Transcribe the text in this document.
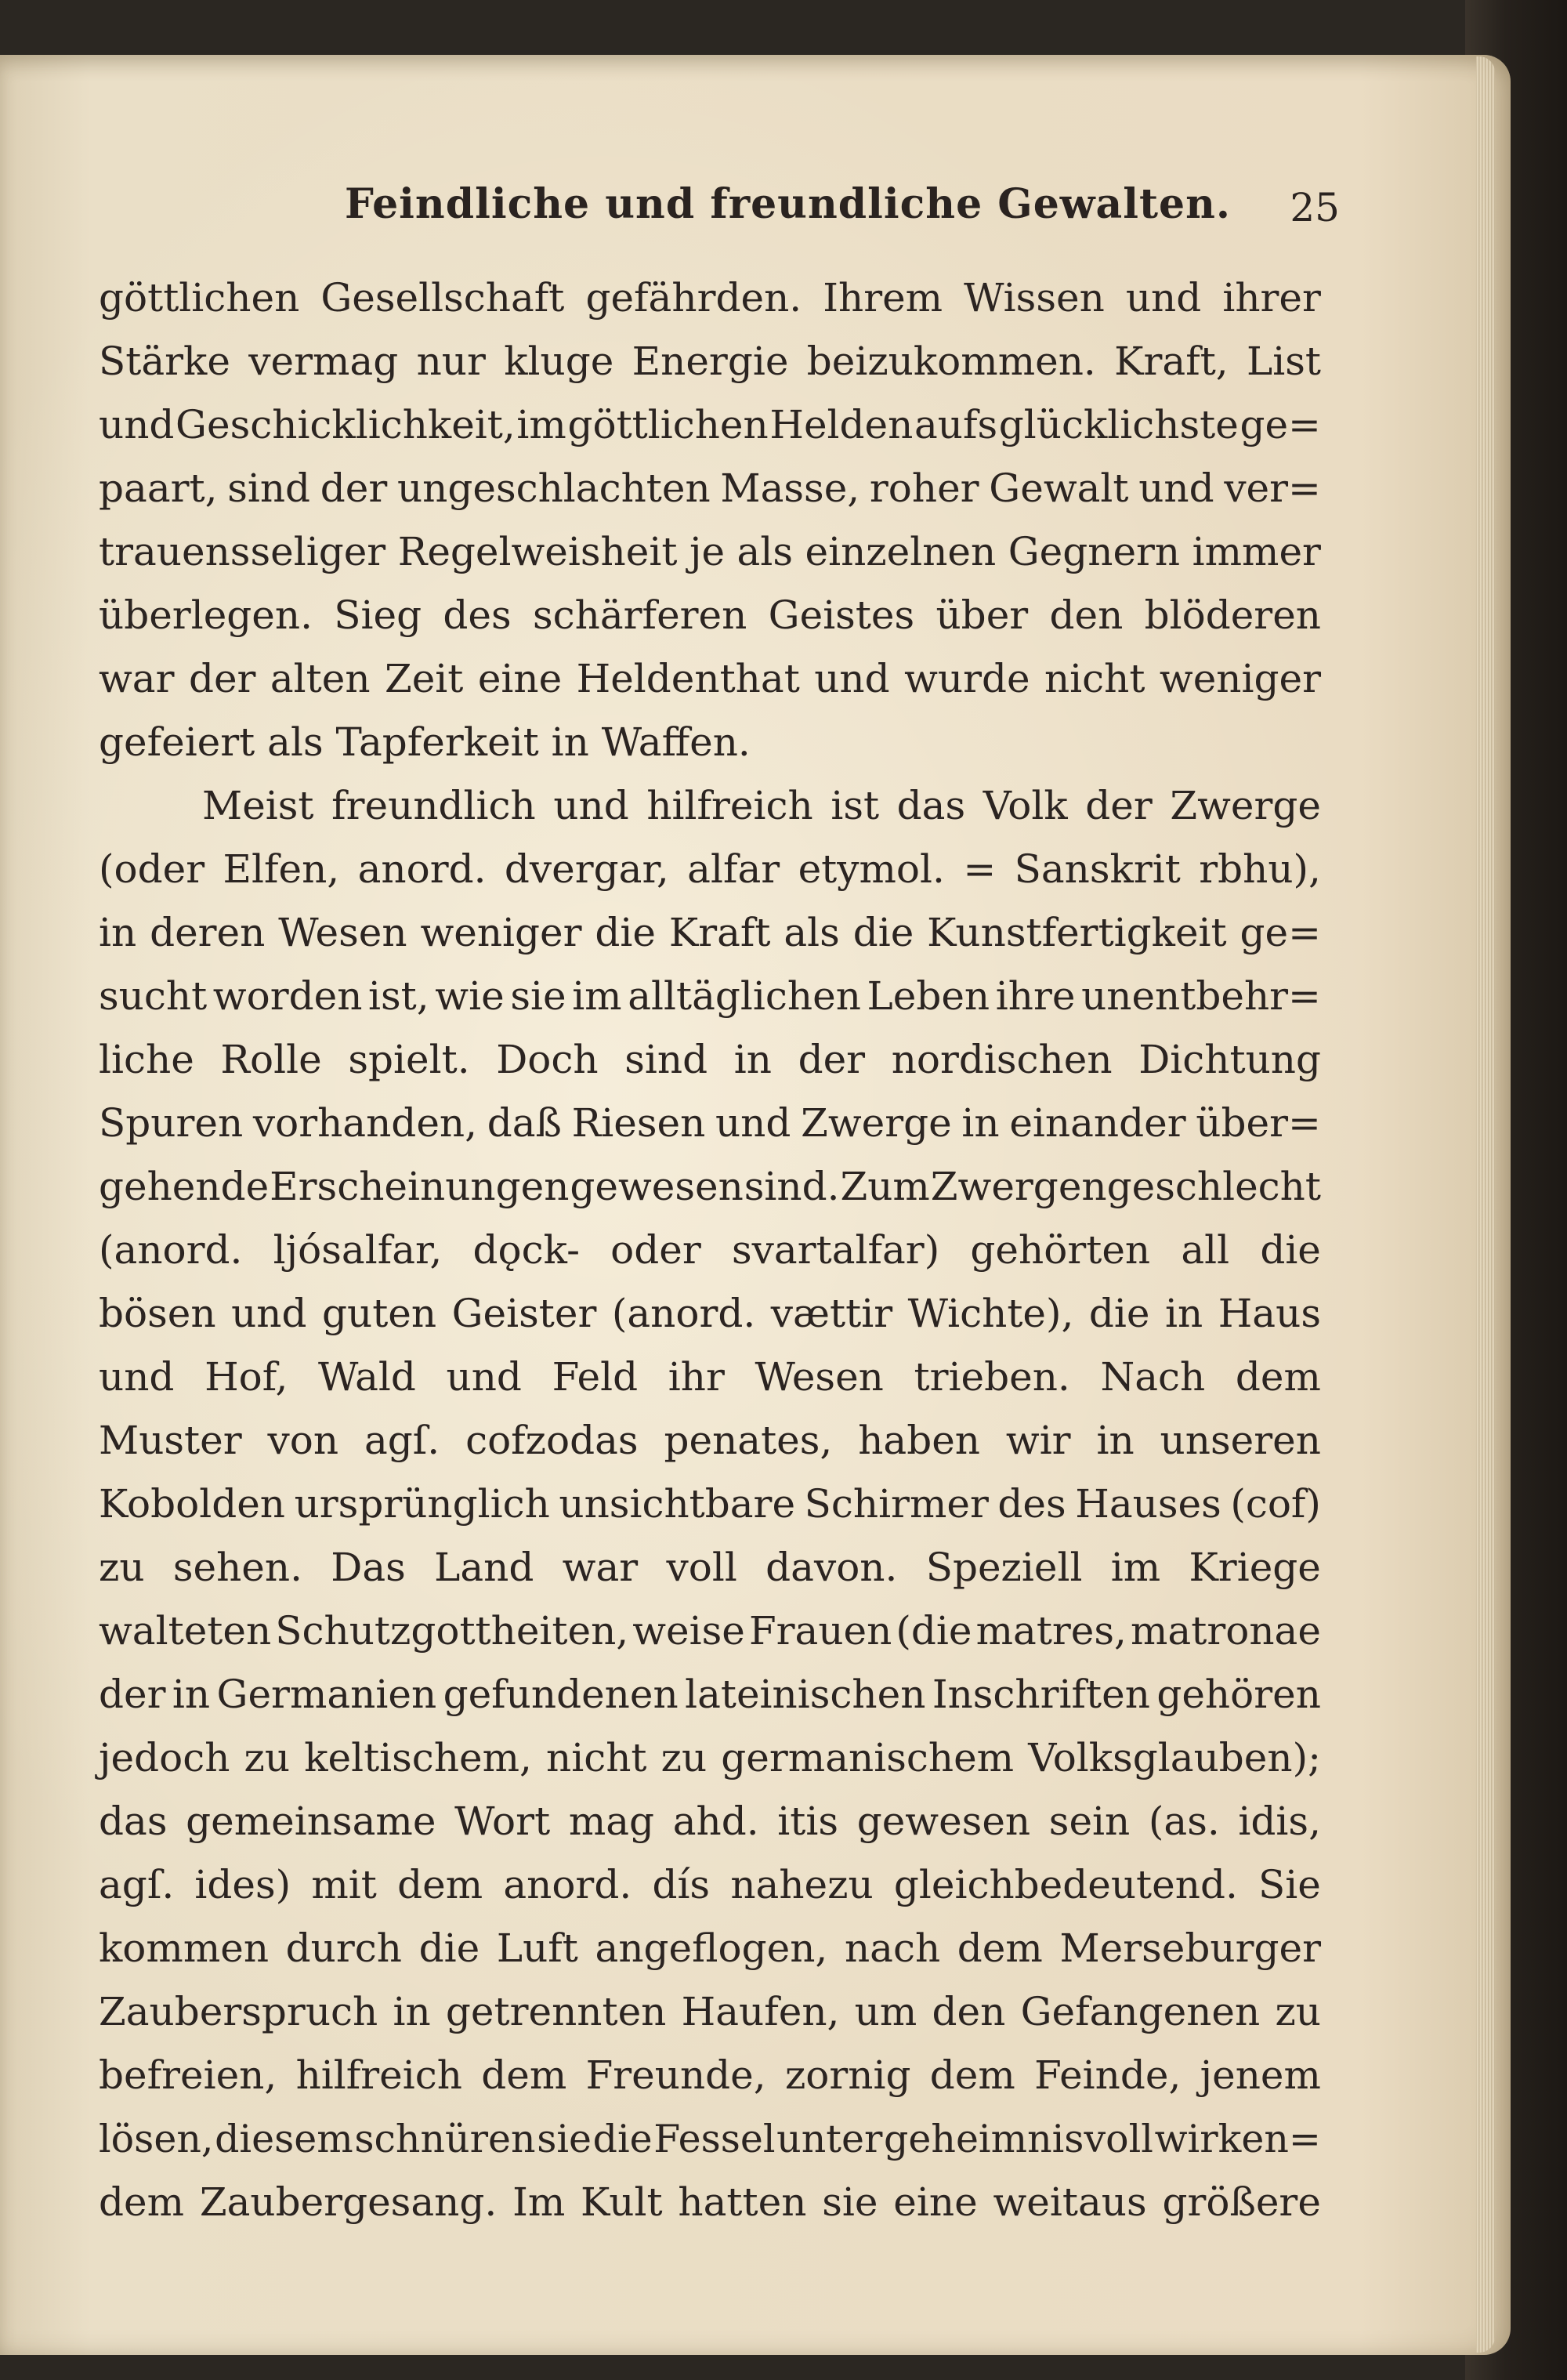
Feindliche und freundliche Gewalten. 25
göttlichen Gesellschaft gefährden. Ihrem Wissen und ihrer
Stärke vermag nur kluge Energie beizukommen. Kraft, List
und Geschicklichkeit, im göttlichen Helden aufs glücklichste ge=
paart, sind der ungeschlachten Masse, roher Gewalt und ver=
trauensseliger Regelweisheit je als einzelnen Gegnern immer
überlegen. Sieg des schärferen Geistes über den blöderen
war der alten Zeit eine Heldenthat und wurde nicht weniger
gefeiert als Tapferkeit in Waffen.
Meist freundlich und hilfreich ist das Volk der Zwerge
(oder Elfen, anord. dvergar, alfar etymol. = Sanskrit rbhu),
in deren Wesen weniger die Kraft als die Kunstfertigkeit ge=
sucht worden ist, wie sie im alltäglichen Leben ihre unentbehr=
liche Rolle spielt. Doch sind in der nordischen Dichtung
Spuren vorhanden, daß Riesen und Zwerge in einander über=
gehende Erscheinungen gewesen sind. Zum Zwergengeschlecht
(anord. ljósalfar, dǫck- oder svartalfar) gehörten all die
bösen und guten Geister (anord. vættir Wichte), die in Haus
und Hof, Wald und Feld ihr Wesen trieben. Nach dem
Muster von agſ. cofzodas penates, haben wir in unseren
Kobolden ursprünglich unsichtbare Schirmer des Hauses (cof)
zu sehen. Das Land war voll davon. Speziell im Kriege
walteten Schutzgottheiten, weise Frauen (die matres, matronae
der in Germanien gefundenen lateinischen Inschriften gehören
jedoch zu keltischem, nicht zu germanischem Volksglauben);
das gemeinsame Wort mag ahd. itis gewesen sein (as. idis,
agſ. ides) mit dem anord. dís nahezu gleichbedeutend. Sie
kommen durch die Luft angeflogen, nach dem Merseburger
Zauberspruch in getrennten Haufen, um den Gefangenen zu
befreien, hilfreich dem Freunde, zornig dem Feinde, jenem
lösen, diesem schnüren sie die Fessel unter geheimnisvoll wirken=
dem Zaubergesang. Im Kult hatten sie eine weitaus größere
